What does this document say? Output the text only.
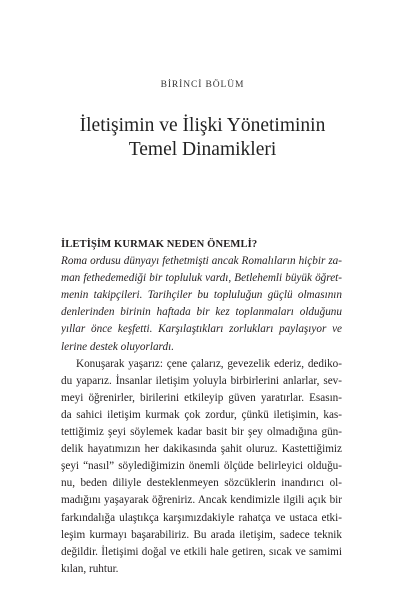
BİRİNCİ BÖLÜM
İletişimin ve İlişki Yönetiminin
Temel Dinamikleri
İLETİŞİM KURMAK NEDEN ÖNEMLİ?
Roma ordusu dünyayı fethetmişti ancak Romalıların hiçbir za-
man fethedemediği bir topluluk vardı, Betlehemli büyük öğret-
menin takipçileri. Tarihçiler bu topluluğun güçlü olmasının
denlerinden birinin haftada bir kez toplanmaları olduğunu
yıllar önce keşfetti. Karşılaştıkları zorlukları paylaşıyor ve
lerine destek oluyorlardı.
Konuşarak yaşarız: çene çalarız, gevezelik ederiz, dediko-
du yaparız. İnsanlar iletişim yoluyla birbirlerini anlarlar, sev-
meyi öğrenirler, birilerini etkileyip güven yaratırlar. Esasın-
da sahici iletişim kurmak çok zordur, çünkü iletişimin, kas-
tettiğimiz şeyi söylemek kadar basit bir şey olmadığına gün-
delik hayatımızın her dakikasında şahit oluruz. Kastettiğimiz
şeyi “nasıl” söylediğimizin önemli ölçüde belirleyici olduğu-
nu, beden diliyle desteklenmeyen sözcüklerin inandırıcı ol-
madığını yaşayarak öğreniriz. Ancak kendimizle ilgili açık bir
farkındalığa ulaştıkça karşımızdakiyle rahatça ve ustaca etki-
leşim kurmayı başarabiliriz. Bu arada iletişim, sadece teknik
değildir. İletişimi doğal ve etkili hale getiren, sıcak ve samimi
kılan, ruhtur.
